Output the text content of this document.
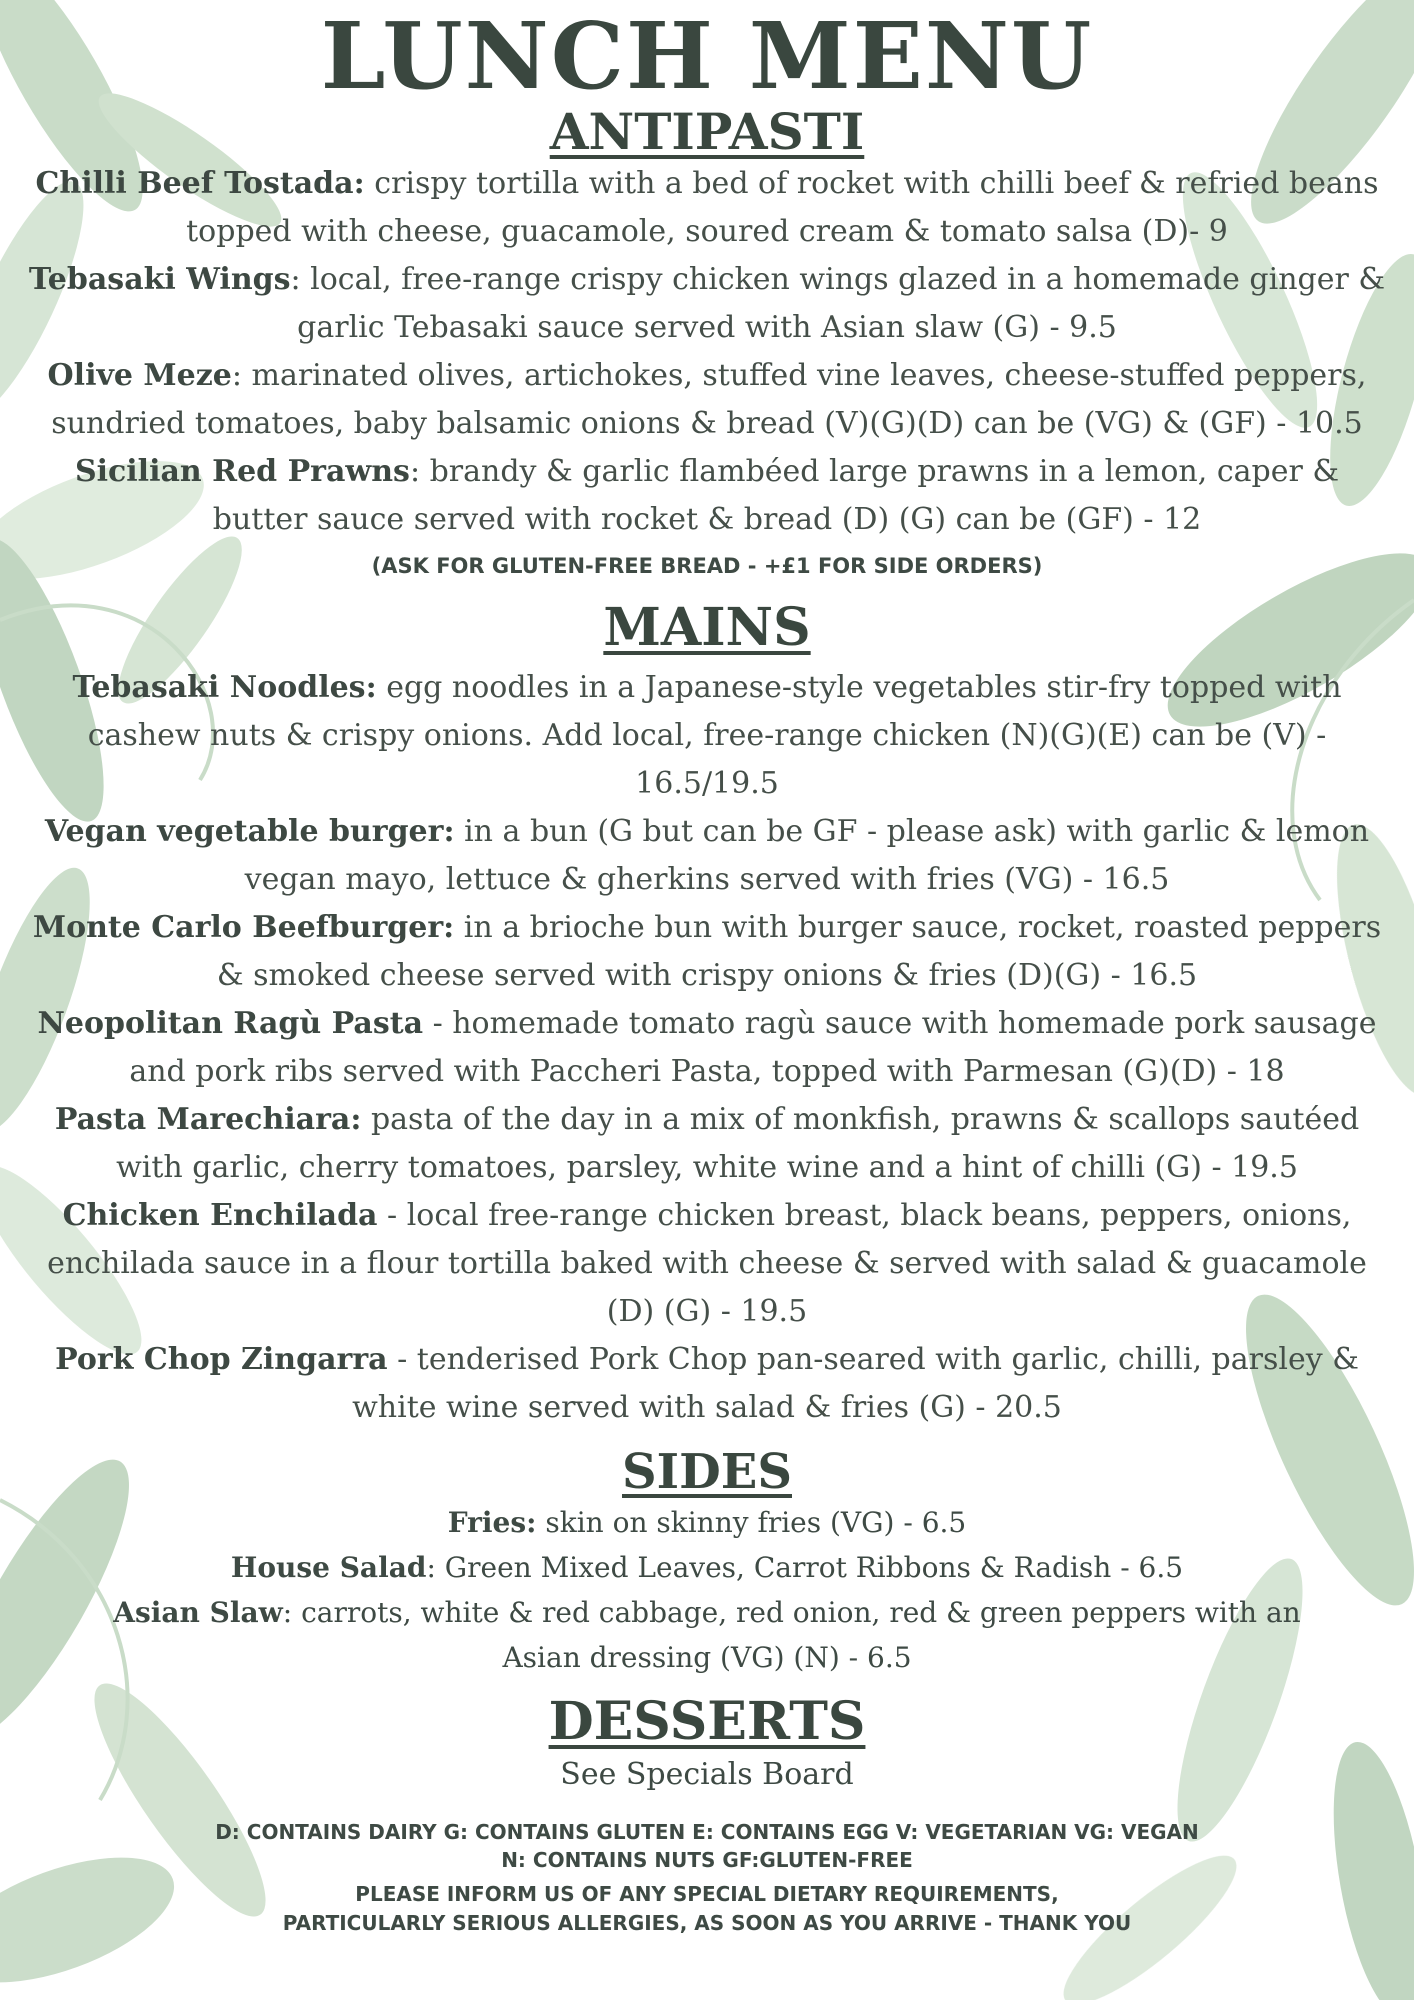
LUNCH MENU
ANTIPASTI

Chilli Beef Tostada: crispy tortilla with a bed of rocket with chilli beef & refried beans topped with cheese, guacamole, soured cream & tomato salsa (D)- 9

Tebasaki Wings: local, free-range crispy chicken wings glazed in a homemade ginger & garlic Tebasaki sauce served with Asian slaw (G) - 9.5

Olive Meze: marinated olives, artichokes, stuffed vine leaves, cheese-stuffed peppers, sundried tomatoes, baby balsamic onions & bread (V)(G)(D) can be (VG) & (GF) - 10.5

Sicilian Red Prawns: brandy & garlic flambéed large prawns in a lemon, caper & butter sauce served with rocket & bread (D) (G) can be (GF) - 12

(ASK FOR GLUTEN-FREE BREAD - +£1 FOR SIDE ORDERS)
MAINS

Tebasaki Noodles: egg noodles in a Japanese-style vegetables stir-fry topped with cashew nuts & crispy onions. Add local, free-range chicken (N)(G)(E) can be (V) - 16.5/19.5

Vegan vegetable burger: in a bun (G but can be GF - please ask) with garlic & lemon vegan mayo, lettuce & gherkins served with fries (VG) - 16.5

Monte Carlo Beefburger: in a brioche bun with burger sauce, rocket, roasted peppers & smoked cheese served with crispy onions & fries (D)(G) - 16.5

Neopolitan Ragù Pasta - homemade tomato ragù sauce with homemade pork sausage and pork ribs served with Paccheri Pasta, topped with Parmesan (G)(D) - 18

Pasta Marechiara: pasta of the day in a mix of monkfish, prawns & scallops sautéed with garlic, cherry tomatoes, parsley, white wine and a hint of chilli (G) - 19.5

Chicken Enchilada - local free-range chicken breast, black beans, peppers, onions, enchilada sauce in a flour tortilla baked with cheese & served with salad & guacamole (D) (G) - 19.5

Pork Chop Zingarra - tenderised Pork Chop pan-seared with garlic, chilli, parsley & white wine served with salad & fries (G) - 20.5

SIDES

Fries: skin on skinny fries (VG) - 6.5

House Salad: Green Mixed Leaves, Carrot Ribbons & Radish - 6.5

Asian Slaw: carrots, white & red cabbage, red onion, red & green peppers with an Asian dressing (VG) (N) - 6.5

DESSERTS
See Specials Board
D: CONTAINS DAIRY G: CONTAINS GLUTEN E: CONTAINS EGG V: VEGETARIAN VG: VEGAN
N: CONTAINS NUTS GF:GLUTEN-FREE
PLEASE INFORM US OF ANY SPECIAL DIETARY REQUIREMENTS,
PARTICULARLY SERIOUS ALLERGIES, AS SOON AS YOU ARRIVE - THANK YOU
